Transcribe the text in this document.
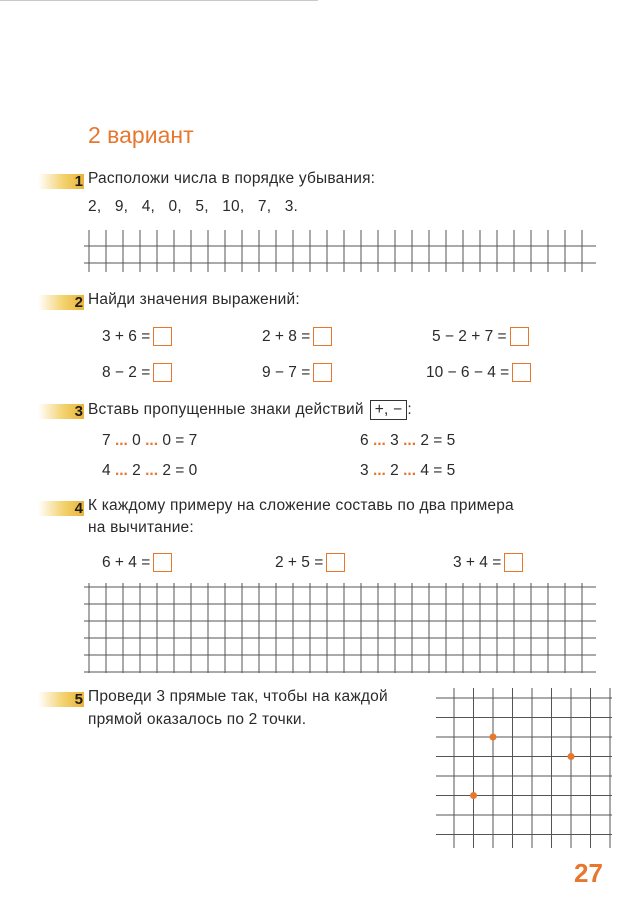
2 вариант
1 Расположи числа в порядке убывания:
2,   9,   4,   0,   5,   10,   7,   3.
2 Найди значения выражений:
3 + 6 =	2 + 8 =	5 − 2 + 7 =
8 − 2 =	9 − 7 =	10 − 6 − 4 =
3 Вставь пропущенные знаки действий +, − :
7 ... 0 ... 0 = 7	6 ... 3 ... 2 = 5
4 ... 2 ... 2 = 0	3 ... 2 ... 4 = 5
4 К каждому примеру на сложение составь по два примера
на вычитание:
6 + 4 =	2 + 5 =	3 + 4 =
5 Проведи 3 прямые так, чтобы на каждой
прямой оказалось по 2 точки.
27
